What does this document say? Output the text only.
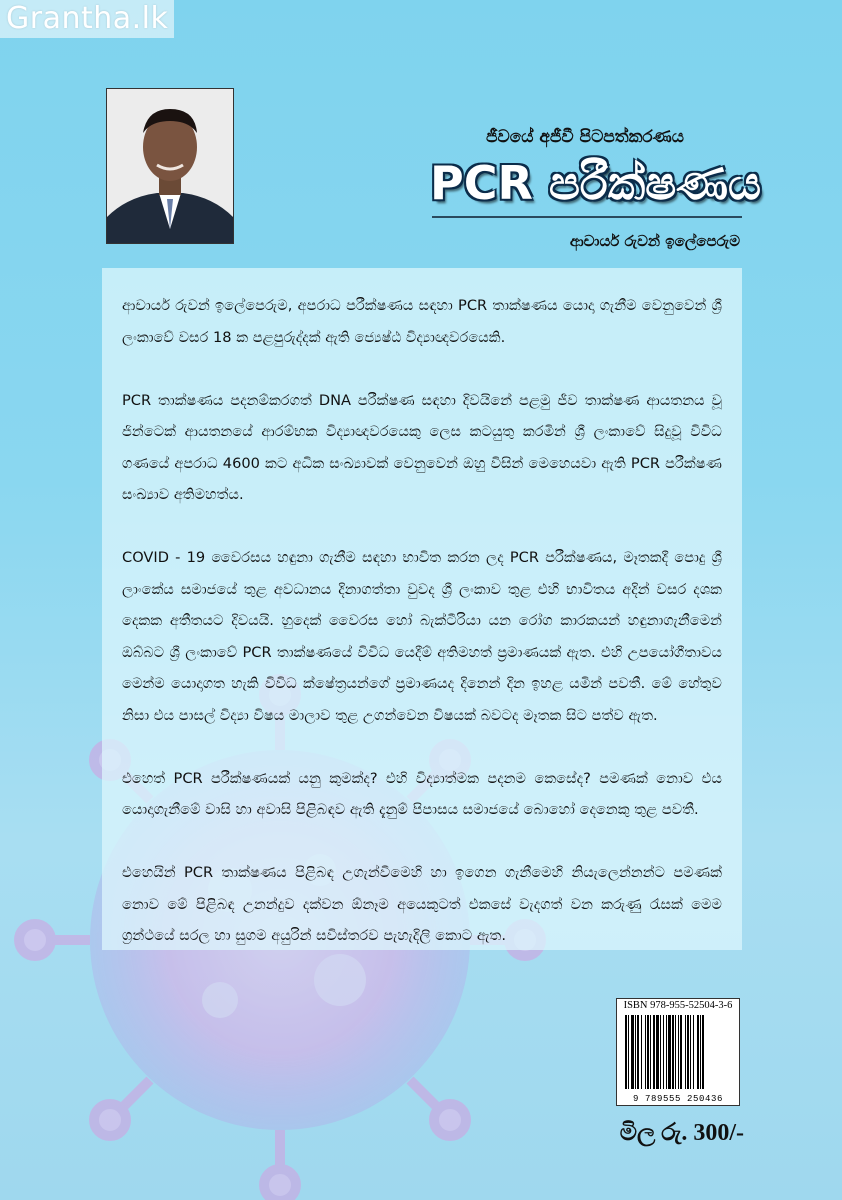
Grantha.lk
ජීවයේ අජීවී පිටපත්කරණය
PCR පරීක්ෂණය
ආචාර්ය රුවන් ඉලේපෙරුම

ආචාර්ය රුවන් ඉලේපෙරුම, අපරාධ පරීක්ෂණය සඳහා PCR තාක්ෂණය යොදා ගැනීම වෙනුවෙන් ශ්‍රී ලංකාවේ වසර 18 ක පළපුරුද්දක් ඇති ජ්‍යෙෂ්ඨ විද්‍යාඥවරයෙකි.

PCR තාක්ෂණය පදනම්කරගත් DNA පරීක්ෂණ සඳහා දිවයිනේ පළමු ජීව තාක්ෂණ ආයතනය වූ ජින්ටෙක් ආයතනයේ ආරම්භක විද්‍යාඥවරයෙකු ලෙස කටයුතු කරමින් ශ්‍රී ලංකාවේ සිදුවූ විවිධ ගණයේ අපරාධ 4600 කට අධික සංඛ්‍යාවක් වෙනුවෙන් ඔහු විසින් මෙහෙයවා ඇති PCR පරීක්ෂණ සංඛ්‍යාව අතිමහත්ය.

COVID - 19 වෛරසය හඳුනා ගැනීම සඳහා භාවිත කරන ලද PCR පරීක්ෂණය, මෑතකදී පොදු ශ්‍රී ලාංකේය සමාජයේ තුළ අවධානය දිනාගත්තා වුවද ශ්‍රී ලංකාව තුළ එහි භාවිතය අදින් වසර දශක දෙකක අතීතයට දිවයයි. හුදෙක් වෛරස හෝ බැක්ටීරියා යන රෝග කාරකයන් හඳුනාගැනීමෙන් ඔබ්බට ශ්‍රී ලංකාවේ PCR තාක්ෂණයේ විවිධ යෙදීම් අතිමහත් ප්‍රමාණයක් ඇත. එහි උපයෝගීතාවය මෙන්ම යොදාගත හැකි විවිධ ක්ෂේත්‍රයන්ගේ ප්‍රමාණයද දිනෙන් දින ඉහළ යමින් පවතී. මේ හේතුව නිසා එය පාසල් විද්‍යා විෂය මාලාව තුළ උගන්වෙන විෂයක් බවටද මෑතක සිට පත්ව ඇත.

එහෙත් PCR පරීක්ෂණයක් යනු කුමක්ද? එහි විද්‍යාත්මක පදනම කෙසේද? පමණක් නොව එය යොදාගැනීමේ වාසි හා අවාසි පිළිබඳව ඇති දැනුම් පිපාසය සමාජයේ බොහෝ දෙනෙකු තුළ පවතී.

එහෙයින් PCR තාක්ෂණය පිළිබඳ උගැන්වීමෙහි හා ඉගෙන ගැනීමෙහි නියැලෙන්නන්ට පමණක් නොව මේ පිළිබඳ උනන්දුව දක්වන ඕනෑම අයෙකුටත් එකසේ වැදගත් වන කරුණු රැසක් මෙම ග්‍රන්ථයේ සරල හා සුගම අයුරින් සවිස්තරව පැහැදිලි කොට ඇත.

ISBN 978-955-52504-3-6
9 789555 250436
මිල රු. 300/-
